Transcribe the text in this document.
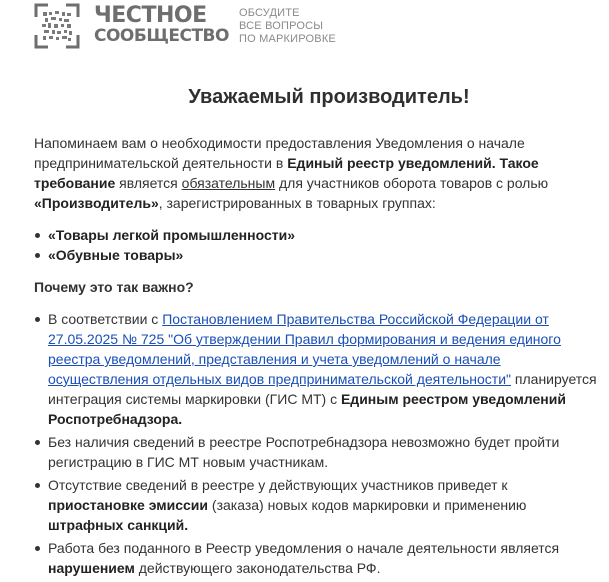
ЧЕСТНОЕ
СООБЩЕСТВО
ОБСУДИТЕ
ВСЕ ВОПРОСЫ
ПО МАРКИРОВКЕ
Уважаемый производитель!

Напоминаем вам о необходимости предоставления Уведомления о начале предпринимательской деятельности в Единый реестр уведомлений. Такое требование является обязательным для участников оборота товаров с ролью «Производитель», зарегистрированных в товарных группах:

«Товары легкой промышленности»
«Обувные товары»
Почему это так важно?
В соответствии с Постановлением Правительства Российской Федерации от 27.05.2025 № 725 "Об утверждении Правил формирования и ведения единого реестра уведомлений, представления и учета уведомлений о начале осуществления отдельных видов предпринимательской деятельности" планируется интеграция системы маркировки (ГИС МТ) с Единым реестром уведомлений Роспотребнадзора.
Без наличия сведений в реестре Роспотребнадзора невозможно будет пройти регистрацию в ГИС МТ новым участникам.
Отсутствие сведений в реестре у действующих участников приведет к приостановке эмиссии (заказа) новых кодов маркировки и применению штрафных санкций.
Работа без поданного в Реестр уведомления о начале деятельности является нарушением действующего законодательства РФ.
